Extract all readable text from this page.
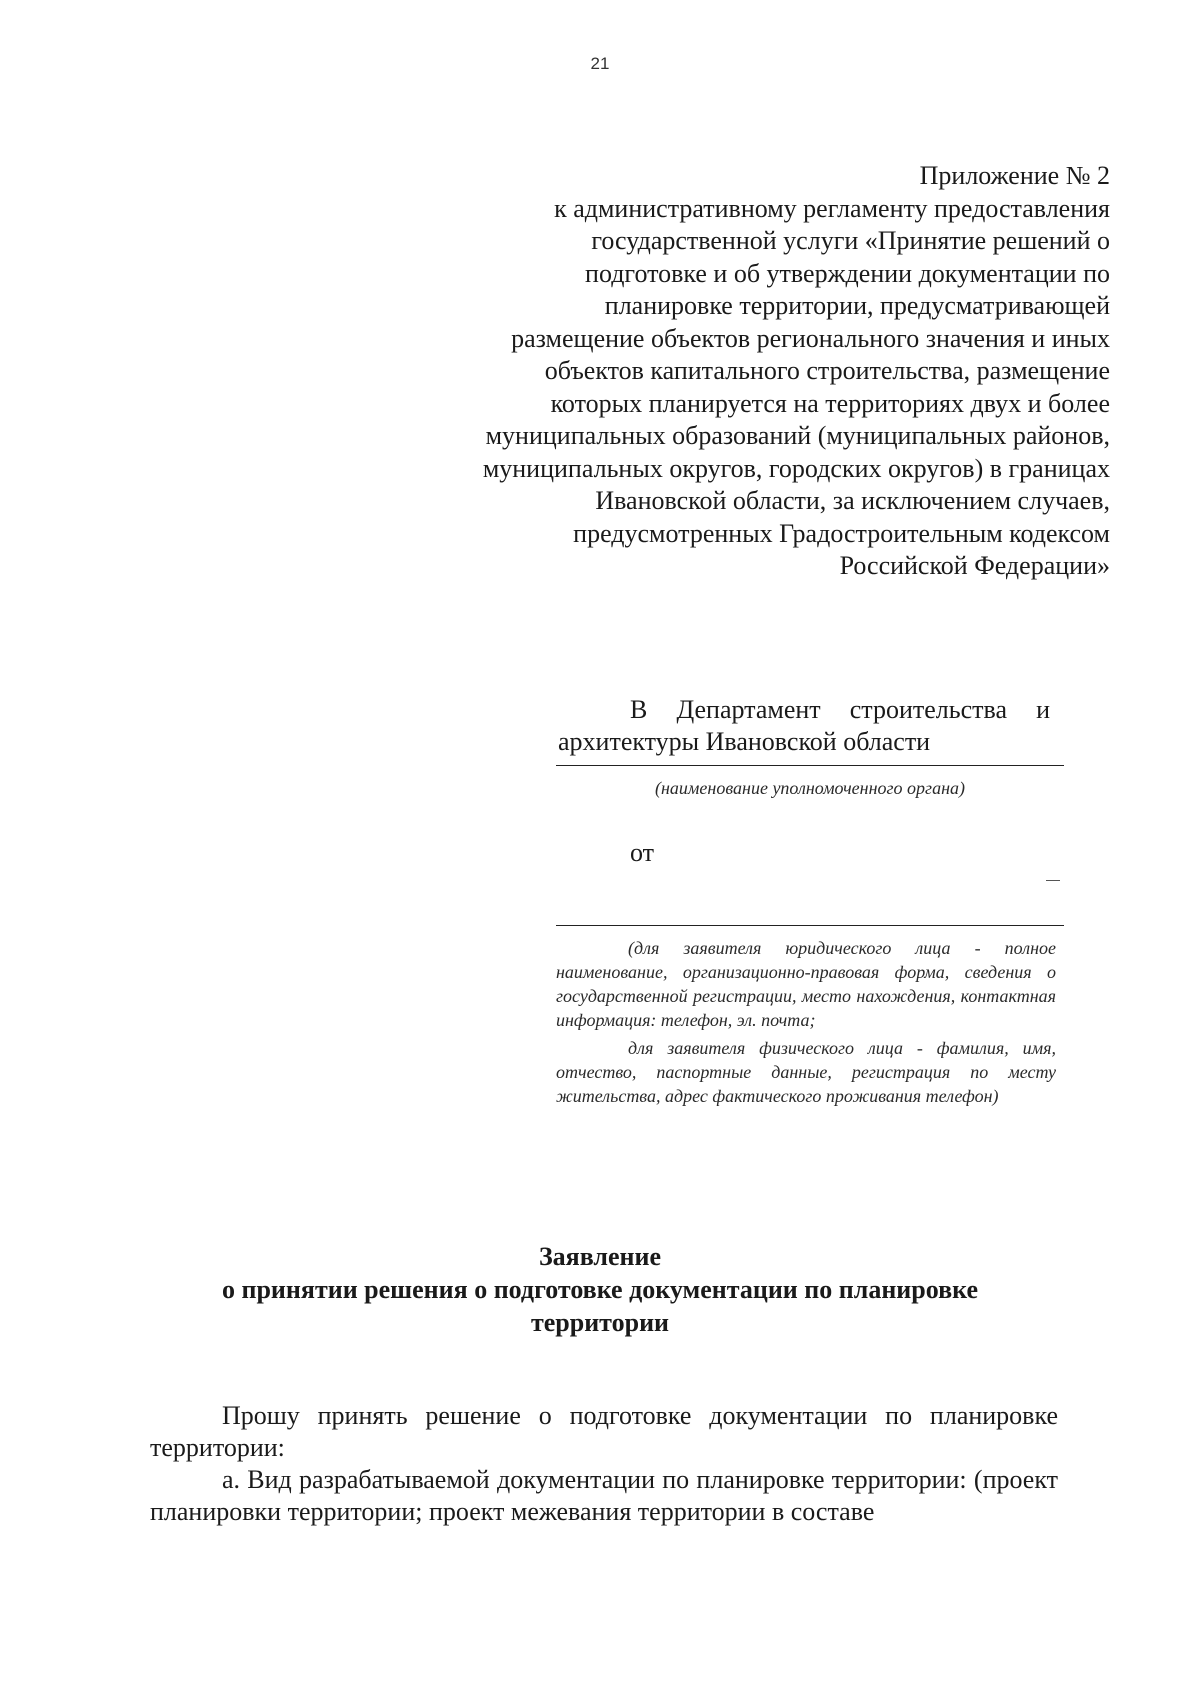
21
Приложение № 2
к административному регламенту предоставления
государственной услуги «Принятие решений о
подготовке и об утверждении документации по
планировке территории, предусматривающей
размещение объектов регионального значения и иных
объектов капитального строительства, размещение
которых планируется на территориях двух и более
муниципальных образований (муниципальных районов,
муниципальных округов, городских округов) в границах
Ивановской области, за исключением случаев,
предусмотренных Градостроительным кодексом
Российской Федерации»
В Департамент строительства и
архитектуры Ивановской области
(наименование уполномоченного органа)
от
(для заявителя юридического лица - полное наименование, организационно-правовая форма, сведения о государственной регистрации, место нахождения, контактная информация: телефон, эл. почта;
для заявителя физического лица - фамилия, имя, отчество, паспортные данные, регистрация по месту жительства, адрес фактического проживания телефон)
Заявление
о принятии решения о подготовке документации по планировке
территории
Прошу принять решение о подготовке документации по планировке территории:
а. Вид разрабатываемой документации по планировке территории: (проект планировки территории; проект межевания территории в составе
